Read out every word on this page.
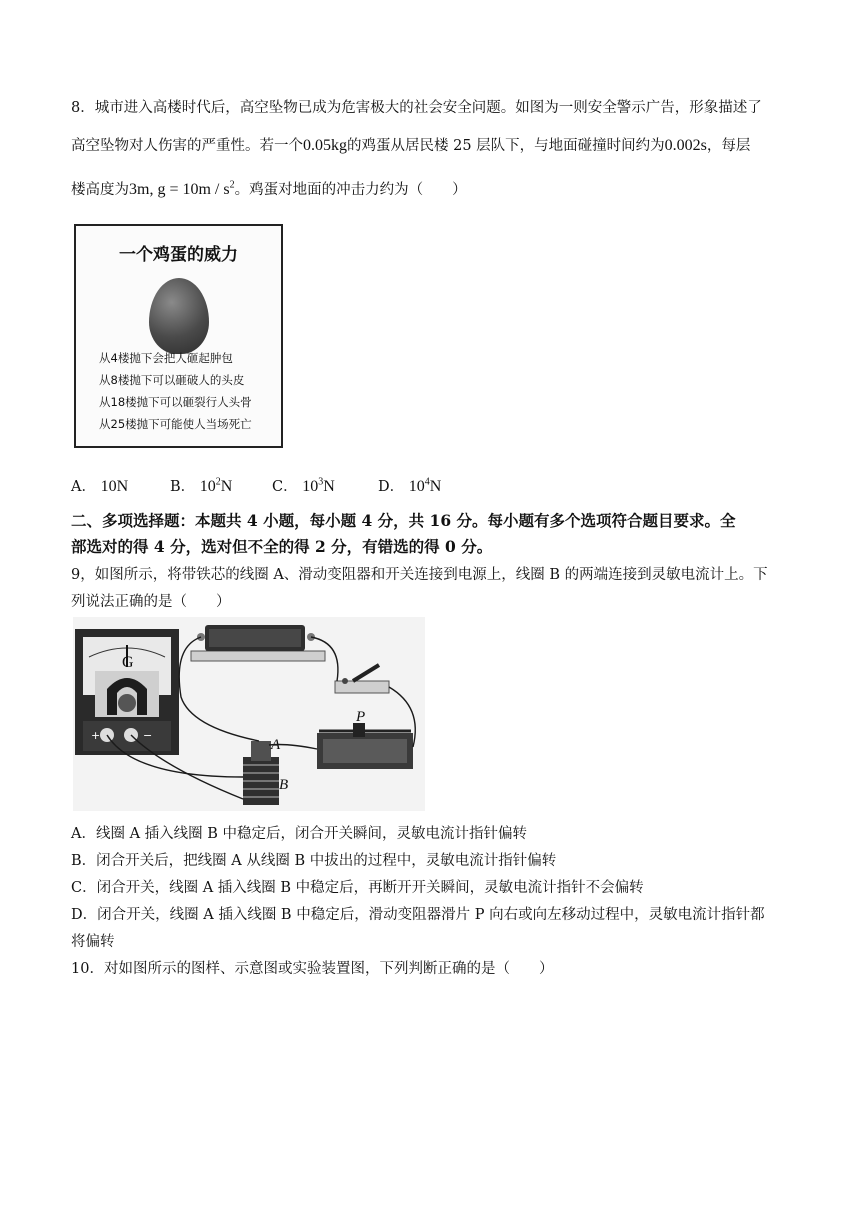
8．城市进入高楼时代后，高空坠物已成为危害极大的社会安全问题。如图为一则安全警示广告，形象描述了
高空坠物对人伤害的严重性。若一个0.05kg的鸡蛋从居民楼 25 层队下，与地面碰撞时间约为0.002s，每层
楼高度为3m, $g = 10m / s^2$。鸡蛋对地面的冲击力约为（　　）
一个鸡蛋的威力
从4楼抛下会把人砸起肿包
从8楼抛下可以砸破人的头皮
从18楼抛下可以砸裂行人头骨
从25楼抛下可能使人当场死亡
A． 10N	B． $10^2N$	C． $10^3N$	D． $10^4N$
二、多项选择题：本题共 4 小题，每小题 4 分，共 16 分。每小题有多个选项符合题目要求。全
部选对的得 4 分，选对但不全的得 2 分，有错选的得 0 分。
9，如图所示，将带铁芯的线圈 A、滑动变阻器和开关连接到电源上，线圈 B 的两端连接到灵敏电流计上。下
列说法正确的是（　　）
G
+	−
P
A
B
A．线圈 A 插入线圈 B 中稳定后，闭合开关瞬间，灵敏电流计指针偏转
B．闭合开关后，把线圈 A 从线圈 B 中拔出的过程中，灵敏电流计指针偏转
C．闭合开关，线圈 A 插入线圈 B 中稳定后，再断开开关瞬间，灵敏电流计指针不会偏转
D．闭合开关，线圈 A 插入线圈 B 中稳定后，滑动变阻器滑片 P 向右或向左移动过程中，灵敏电流计指针都
将偏转
10．对如图所示的图样、示意图或实验装置图，下列判断正确的是（　　）
